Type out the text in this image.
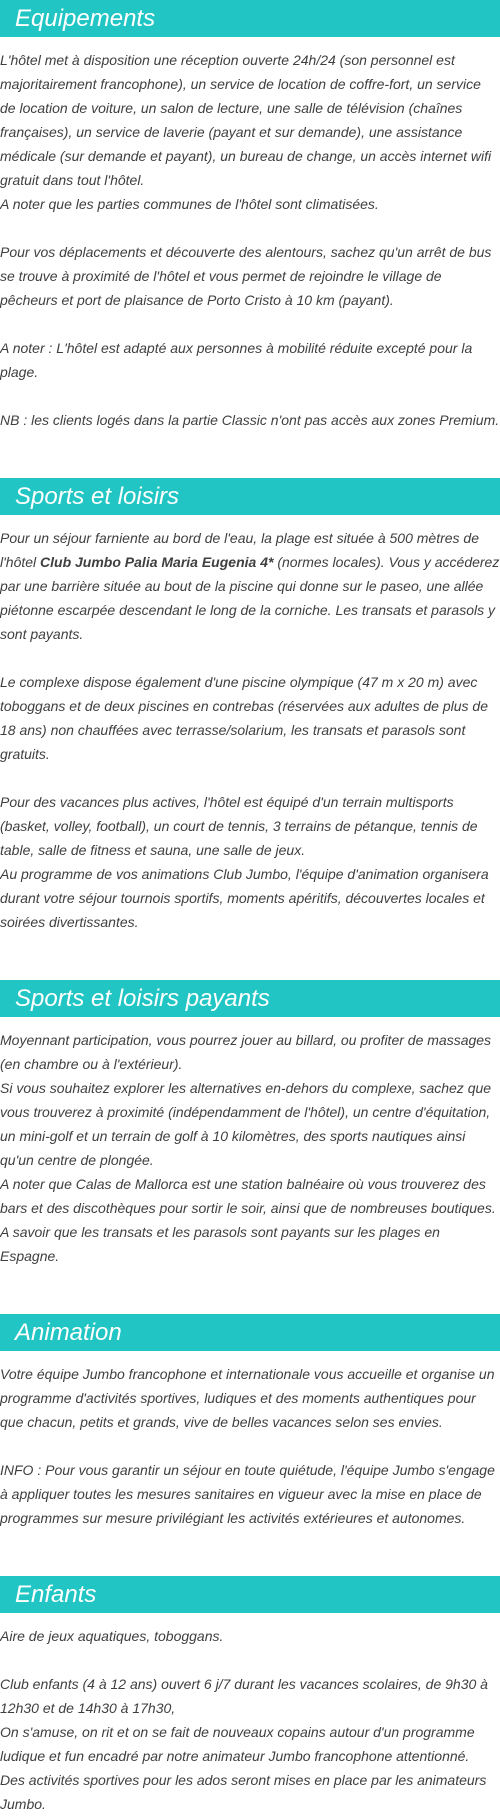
Equipements

L'hôtel met à disposition une réception ouverte 24h/24 (son personnel est majoritairement francophone), un service de location de coffre-fort, un service de location de voiture, un salon de lecture, une salle de télévision (chaînes françaises), un service de laverie (payant et sur demande), une assistance médicale (sur demande et payant), un bureau de change, un accès internet wifi gratuit dans tout l'hôtel.

A noter que les parties communes de l'hôtel sont climatisées.

Pour vos déplacements et découverte des alentours, sachez qu'un arrêt de bus se trouve à proximité de l'hôtel et vous permet de rejoindre le village de pêcheurs et port de plaisance de Porto Cristo à 10 km (payant).

A noter : L'hôtel est adapté aux personnes à mobilité réduite excepté pour la plage.

NB : les clients logés dans la partie Classic n'ont pas accès aux zones Premium.

Sports et loisirs

Pour un séjour farniente au bord de l'eau, la plage est située à 500 mètres de l'hôtel Club Jumbo Palia Maria Eugenia 4* (normes locales). Vous y accéderez par une barrière située au bout de la piscine qui donne sur le paseo, une allée piétonne escarpée descendant le long de la corniche. Les transats et parasols y sont payants.

Le complexe dispose également d'une piscine olympique (47 m x 20 m) avec toboggans et de deux piscines en contrebas (réservées aux adultes de plus de 18 ans) non chauffées avec terrasse/solarium, les transats et parasols sont gratuits.

Pour des vacances plus actives, l'hôtel est équipé d'un terrain multisports (basket, volley, football), un court de tennis, 3 terrains de pétanque, tennis de table, salle de fitness et sauna, une salle de jeux.

Au programme de vos animations Club Jumbo, l'équipe d'animation organisera durant votre séjour tournois sportifs, moments apéritifs, découvertes locales et soirées divertissantes.

Sports et loisirs payants

Moyennant participation, vous pourrez jouer au billard, ou profiter de massages (en chambre ou à l'extérieur).

Si vous souhaitez explorer les alternatives en-dehors du complexe, sachez que vous trouverez à proximité (indépendamment de l'hôtel), un centre d'équitation, un mini-golf et un terrain de golf à 10 kilomètres, des sports nautiques ainsi qu'un centre de plongée.

A noter que Calas de Mallorca est une station balnéaire où vous trouverez des bars et des discothèques pour sortir le soir, ainsi que de nombreuses boutiques.

A savoir que les transats et les parasols sont payants sur les plages en Espagne.

Animation

Votre équipe Jumbo francophone et internationale vous accueille et organise un programme d'activités sportives, ludiques et des moments authentiques pour que chacun, petits et grands, vive de belles vacances selon ses envies.

INFO : Pour vous garantir un séjour en toute quiétude, l'équipe Jumbo s'engage à appliquer toutes les mesures sanitaires en vigueur avec la mise en place de programmes sur mesure privilégiant les activités extérieures et autonomes.

Enfants

Aire de jeux aquatiques, toboggans.

Club enfants (4 à 12 ans) ouvert 6 j/7 durant les vacances scolaires, de 9h30 à 12h30 et de 14h30 à 17h30,

On s'amuse, on rit et on se fait de nouveaux copains autour d'un programme ludique et fun encadré par notre animateur Jumbo francophone attentionné.

Des activités sportives pour les ados seront mises en place par les animateurs Jumbo.
